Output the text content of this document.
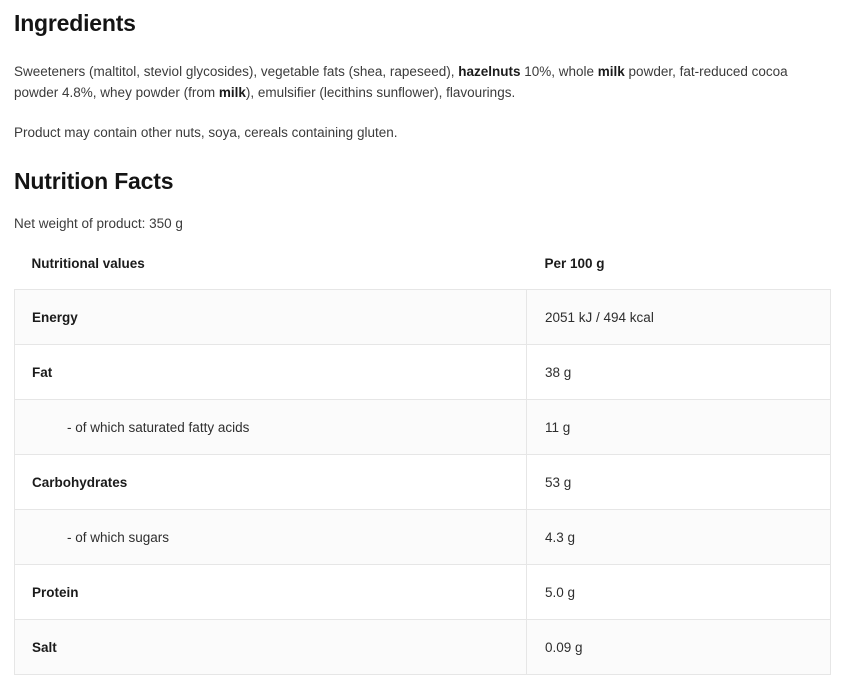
Ingredients

Sweeteners (maltitol, steviol glycosides), vegetable fats (shea, rapeseed), hazelnuts 10%, whole milk powder, fat-reduced cocoa powder 4.8%, whey powder (from milk), emulsifier (lecithins sunflower), flavourings.

Product may contain other nuts, soya, cereals containing gluten.

Nutrition Facts

Net weight of product: 350 g

Nutritional values	Per 100 g
Energy	2051 kJ / 494 kcal
Fat	38 g
- of which saturated fatty acids	11 g
Carbohydrates	53 g
- of which sugars	4.3 g
Protein	5.0 g
Salt	0.09 g
